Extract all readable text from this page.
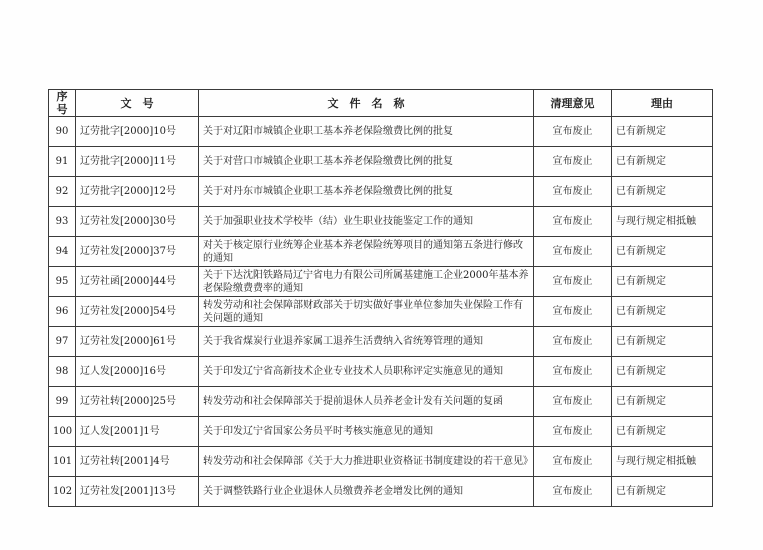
序号	文　号	文　件　名　称	清理意见	理由
90	辽劳批字[2000]10号	关于对辽阳市城镇企业职工基本养老保险缴费比例的批复	宣布废止	已有新规定
91	辽劳批字[2000]11号	关于对营口市城镇企业职工基本养老保险缴费比例的批复	宣布废止	已有新规定
92	辽劳批字[2000]12号	关于对丹东市城镇企业职工基本养老保险缴费比例的批复	宣布废止	已有新规定
93	辽劳社发[2000]30号	关于加强职业技术学校毕（结）业生职业技能鉴定工作的通知	宣布废止	与现行规定相抵触
94	辽劳社发[2000]37号	对关于核定原行业统筹企业基本养老保险统筹项目的通知第五条进行修改的通知	宣布废止	已有新规定
95	辽劳社函[2000]44号	关于下达沈阳铁路局辽宁省电力有限公司所属基建施工企业2000年基本养老保险缴费费率的通知	宣布废止	已有新规定
96	辽劳社发[2000]54号	转发劳动和社会保障部财政部关于切实做好事业单位参加失业保险工作有关问题的通知	宣布废止	已有新规定
97	辽劳社发[2000]61号	关于我省煤炭行业退养家属工退养生活费纳入省统筹管理的通知	宣布废止	已有新规定
98	辽人发[2000]16号	关于印发辽宁省高新技术企业专业技术人员职称评定实施意见的通知	宣布废止	已有新规定
99	辽劳社转[2000]25号	转发劳动和社会保障部关于提前退休人员养老金计发有关问题的复函	宣布废止	已有新规定
100	辽人发[2001]1号	关于印发辽宁省国家公务员平时考核实施意见的通知	宣布废止	已有新规定
101	辽劳社转[2001]4号	转发劳动和社会保障部《关于大力推进职业资格证书制度建设的若干意见》	宣布废止	与现行规定相抵触
102	辽劳社发[2001]13号	关于调整铁路行业企业退休人员缴费养老金增发比例的通知	宣布废止	已有新规定
